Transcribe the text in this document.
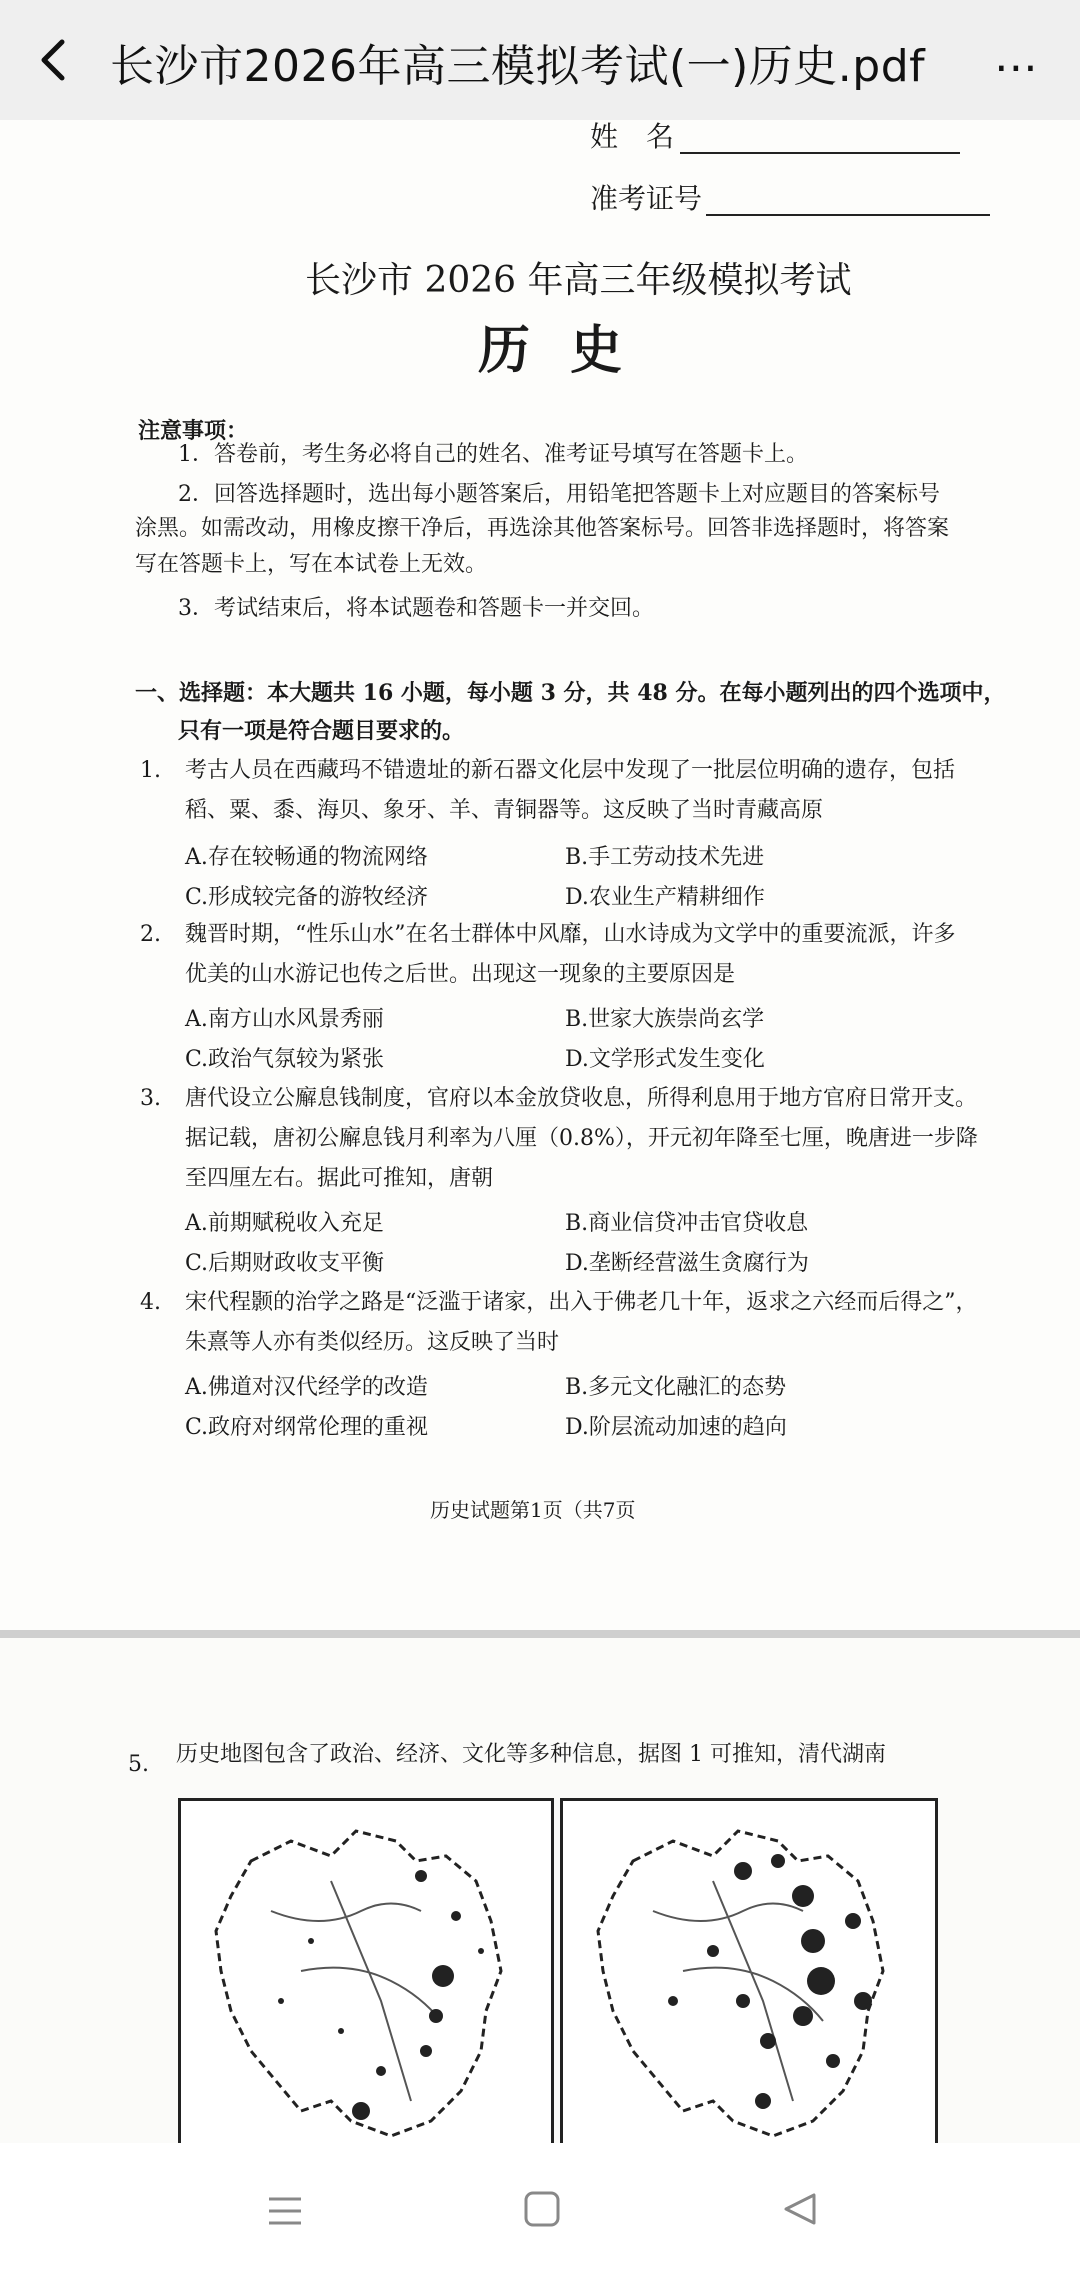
长沙市2026年高三模拟考试(一)历史.pdf ⋯
姓　名
准考证号
长沙市 2026 年高三年级模拟考试
历史
注意事项：
1．答卷前，考生务必将自己的姓名、准考证号填写在答题卡上。
2．回答选择题时，选出每小题答案后，用铅笔把答题卡上对应题目的答案标号
涂黑。如需改动，用橡皮擦干净后，再选涂其他答案标号。回答非选择题时，将答案
写在答题卡上，写在本试卷上无效。
3．考试结束后，将本试题卷和答题卡一并交回。
一、选择题：本大题共 16 小题，每小题 3 分，共 48 分。在每小题列出的四个选项中，
只有一项是符合题目要求的。
1. 考古人员在西藏玛不错遗址的新石器文化层中发现了一批层位明确的遗存，包括
稻、粟、黍、海贝、象牙、羊、青铜器等。这反映了当时青藏高原
A.存在较畅通的物流网络	B.手工劳动技术先进
C.形成较完备的游牧经济	D.农业生产精耕细作
2. 魏晋时期，“性乐山水”在名士群体中风靡，山水诗成为文学中的重要流派，许多
优美的山水游记也传之后世。出现这一现象的主要原因是
A.南方山水风景秀丽	B.世家大族崇尚玄学
C.政治气氛较为紧张	D.文学形式发生变化
3. 唐代设立公廨息钱制度，官府以本金放贷收息，所得利息用于地方官府日常开支。
据记载，唐初公廨息钱月利率为八厘（0.8%），开元初年降至七厘，晚唐进一步降
至四厘左右。据此可推知，唐朝
A.前期赋税收入充足	B.商业信贷冲击官贷收息
C.后期财政收支平衡	D.垄断经营滋生贪腐行为
4. 宋代程颢的治学之路是“泛滥于诸家，出入于佛老几十年，返求之六经而后得之”，
朱熹等人亦有类似经历。这反映了当时
A.佛道对汉代经学的改造	B.多元文化融汇的态势
C.政府对纲常伦理的重视	D.阶层流动加速的趋向
历史试题第1页（共7页
5. 历史地图包含了政治、经济、文化等多种信息，据图 1 可推知，清代湖南
